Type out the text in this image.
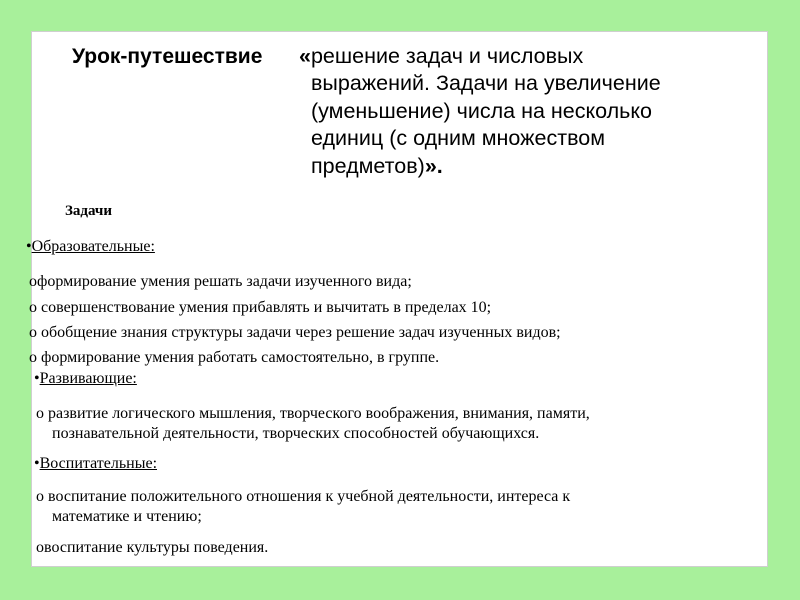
Урок-путешествие «решение задач и числовых
выражений. Задачи на увеличение
(уменьшение) числа на несколько
единиц (с одним множеством
предметов)».
Задачи
•Образовательные:
oформирование умения решать задачи изученного вида;
o совершенствование умения прибавлять и вычитать в пределах 10;
o обобщение знания структуры задачи через решение задач изученных видов;
o формирование умения работать самостоятельно, в группе.
•Развивающие:
o развитие логического мышления, творческого воображения, внимания, памяти,
познавательной деятельности, творческих способностей обучающихся.
•Воспитательные:
o воспитание положительного отношения к учебной деятельности, интереса к
математике и чтению;
oвоспитание культуры поведения.
